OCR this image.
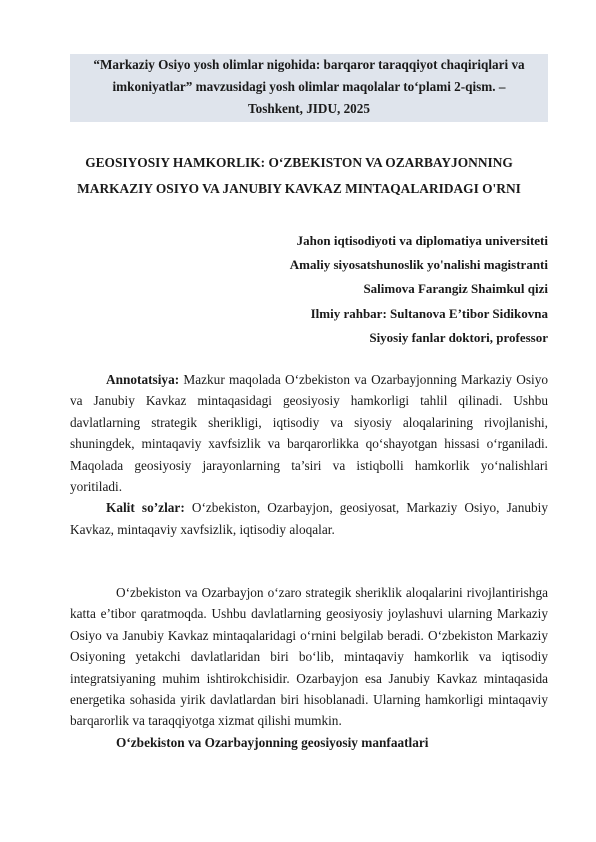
“Markaziy Osiyo yosh olimlar nigohida: barqaror taraqqiyot chaqiriqlari va

imkoniyatlar” mavzusidagi yosh olimlar maqolalar to‘plami 2-qism. –

Toshkent, JIDU, 2025

GEOSIYOSIY HAMKORLIK: O‘ZBEKISTON VA OZARBAYJONNING
MARKAZIY OSIYO VA JANUBIY KAVKAZ MINTAQALARIDAGI O'RNI
Jahon iqtisodiyoti va diplomatiya universiteti
Amaliy siyosatshunoslik yo'nalishi magistranti
Salimova Farangiz Shaimkul qizi
Ilmiy rahbar: Sultanova E’tibor Sidikovna
Siyosiy fanlar doktori, professor

Annotatsiya: Mazkur maqolada O‘zbekiston va Ozarbayjonning Markaziy Osiyo va Janubiy Kavkaz mintaqasidagi geosiyosiy hamkorligi tahlil qilinadi. Ushbu davlatlarning strategik sherikligi, iqtisodiy va siyosiy aloqalarining rivojlanishi, shuningdek, mintaqaviy xavfsizlik va barqarorlikka qo‘shayotgan hissasi o‘rganiladi. Maqolada geosiyosiy jarayonlarning ta’siri va istiqbolli hamkorlik yo‘nalishlari yoritiladi.

Kalit so’zlar: O‘zbekiston, Ozarbayjon, geosiyosat, Markaziy Osiyo, Janubiy Kavkaz, mintaqaviy xavfsizlik, iqtisodiy aloqalar.

O‘zbekiston va Ozarbayjon o‘zaro strategik sheriklik aloqalarini rivojlantirishga katta e’tibor qaratmoqda. Ushbu davlatlarning geosiyosiy joylashuvi ularning Markaziy Osiyo va Janubiy Kavkaz mintaqalaridagi o‘rnini belgilab beradi. O‘zbekiston Markaziy Osiyoning yetakchi davlatlaridan biri bo‘lib, mintaqaviy hamkorlik va iqtisodiy integratsiyaning muhim ishtirokchisidir. Ozarbayjon esa Janubiy Kavkaz mintaqasida energetika sohasida yirik davlatlardan biri hisoblanadi. Ularning hamkorligi mintaqaviy barqarorlik va taraqqiyotga xizmat qilishi mumkin.

O‘zbekiston va Ozarbayjonning geosiyosiy manfaatlari
